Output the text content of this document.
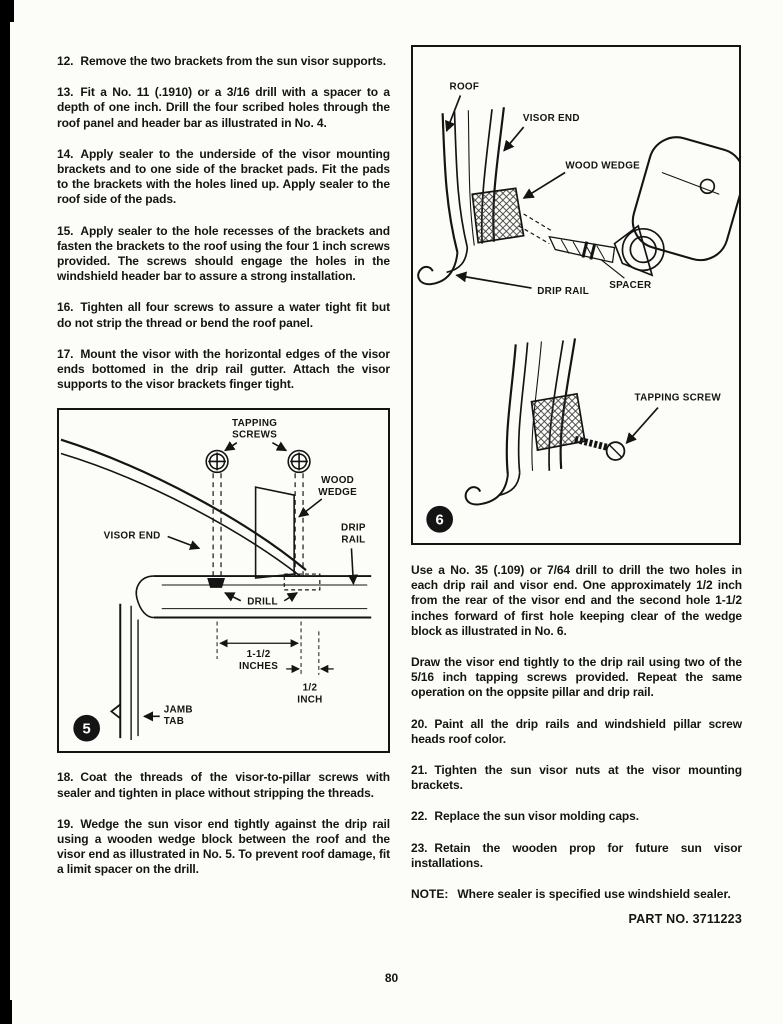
12. Remove the two brackets from the sun visor supports.

13. Fit a No. 11 (.1910) or a 3/16 drill with a spacer to a depth of one inch. Drill the four scribed holes through the roof panel and header bar as illustrated in No. 4.

14. Apply sealer to the underside of the visor mounting brackets and to one side of the bracket pads. Fit the pads to the brackets with the holes lined up. Apply sealer to the roof side of the pads.

15. Apply sealer to the hole recesses of the brackets and fasten the brackets to the roof using the four 1 inch screws provided. The screws should engage the holes in the windshield header bar to assure a strong installation.

16. Tighten all four screws to assure a water tight fit but do not strip the thread or bend the roof panel.

17. Mount the visor with the horizontal edges of the visor ends bottomed in the drip rail gutter. Attach the visor supports to the visor brackets finger tight.

TAPPING
SCREWS
WOOD
WEDGE
VISOR END
DRIP
RAIL
DRILL
1-1/2
INCHES
1/2
INCH
JAMB
TAB
5

18. Coat the threads of the visor-to-pillar screws with sealer and tighten in place without stripping the threads.

19. Wedge the sun visor end tightly against the drip rail using a wooden wedge block between the roof and the visor end as illustrated in No. 5. To prevent roof damage, fit a limit spacer on the drill.

ROOF
VISOR END
WOOD WEDGE
DRIP RAIL
SPACER
TAPPING SCREW
6

Use a No. 35 (.109) or 7/64 drill to drill the two holes in each drip rail and visor end. One approximately 1/2 inch from the rear of the visor end and the second hole 1-1/2 inches forward of first hole keeping clear of the wedge block as illustrated in No. 6.

Draw the visor end tightly to the drip rail using two of the 5/16 inch tapping screws provided. Repeat the same operation on the oppsite pillar and drip rail.

20. Paint all the drip rails and windshield pillar screw heads roof color.

21. Tighten the sun visor nuts at the visor mounting brackets.

22. Replace the sun visor molding caps.

23. Retain the wooden prop for future sun visor installations.

NOTE: Where sealer is specified use windshield sealer.
PART NO. 3711223
80
